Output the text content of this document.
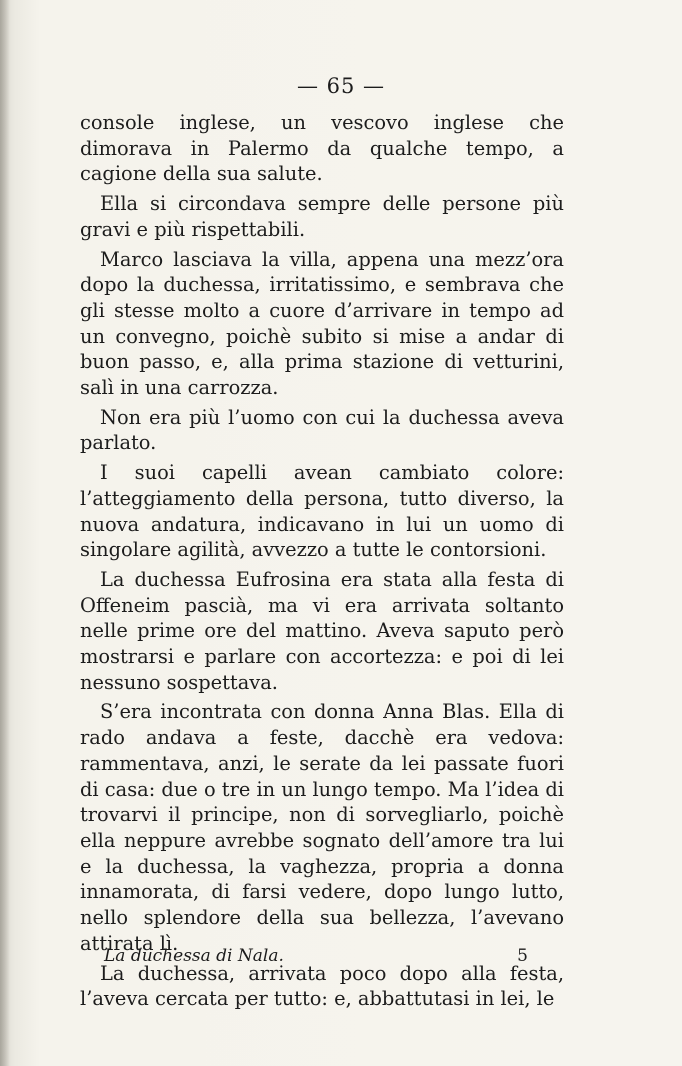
— 65 —

console inglese, un vescovo inglese che dimorava in Palermo da qualche tempo, a cagione della sua salute.

Ella si circondava sempre delle persone più gravi e più rispettabili.

Marco lasciava la villa, appena una mezz’ora dopo la duchessa, irritatissimo, e sembrava che gli stesse molto a cuore d’arrivare in tempo ad un convegno, poichè subito si mise a andar di buon passo, e, alla prima stazione di vetturini, salì in una carrozza.

Non era più l’uomo con cui la duchessa aveva parlato.

I suoi capelli avean cambiato colore: l’atteggiamento della persona, tutto diverso, la nuova andatura, indicavano in lui un uomo di singolare agilità, avvezzo a tutte le contorsioni.

La duchessa Eufrosina era stata alla festa di Offeneim pascià, ma vi era arrivata soltanto nelle prime ore del mattino. Aveva saputo però mostrarsi e parlare con accortezza: e poi di lei nessuno sospettava.

S’era incontrata con donna Anna Blas. Ella di rado andava a feste, dacchè era vedova: rammentava, anzi, le serate da lei passate fuori di casa: due o tre in un lungo tempo. Ma l’idea di trovarvi il principe, non di sorvegliarlo, poichè ella neppure avrebbe sognato dell’amore tra lui e la duchessa, la vaghezza, propria a donna innamorata, di farsi vedere, dopo lungo lutto, nello splendore della sua bellezza, l’avevano attirata lì.

La duchessa, arrivata poco dopo alla festa, l’aveva cercata per tutto: e, abbattutasi in lei, le

La duchessa di Nala.	5
